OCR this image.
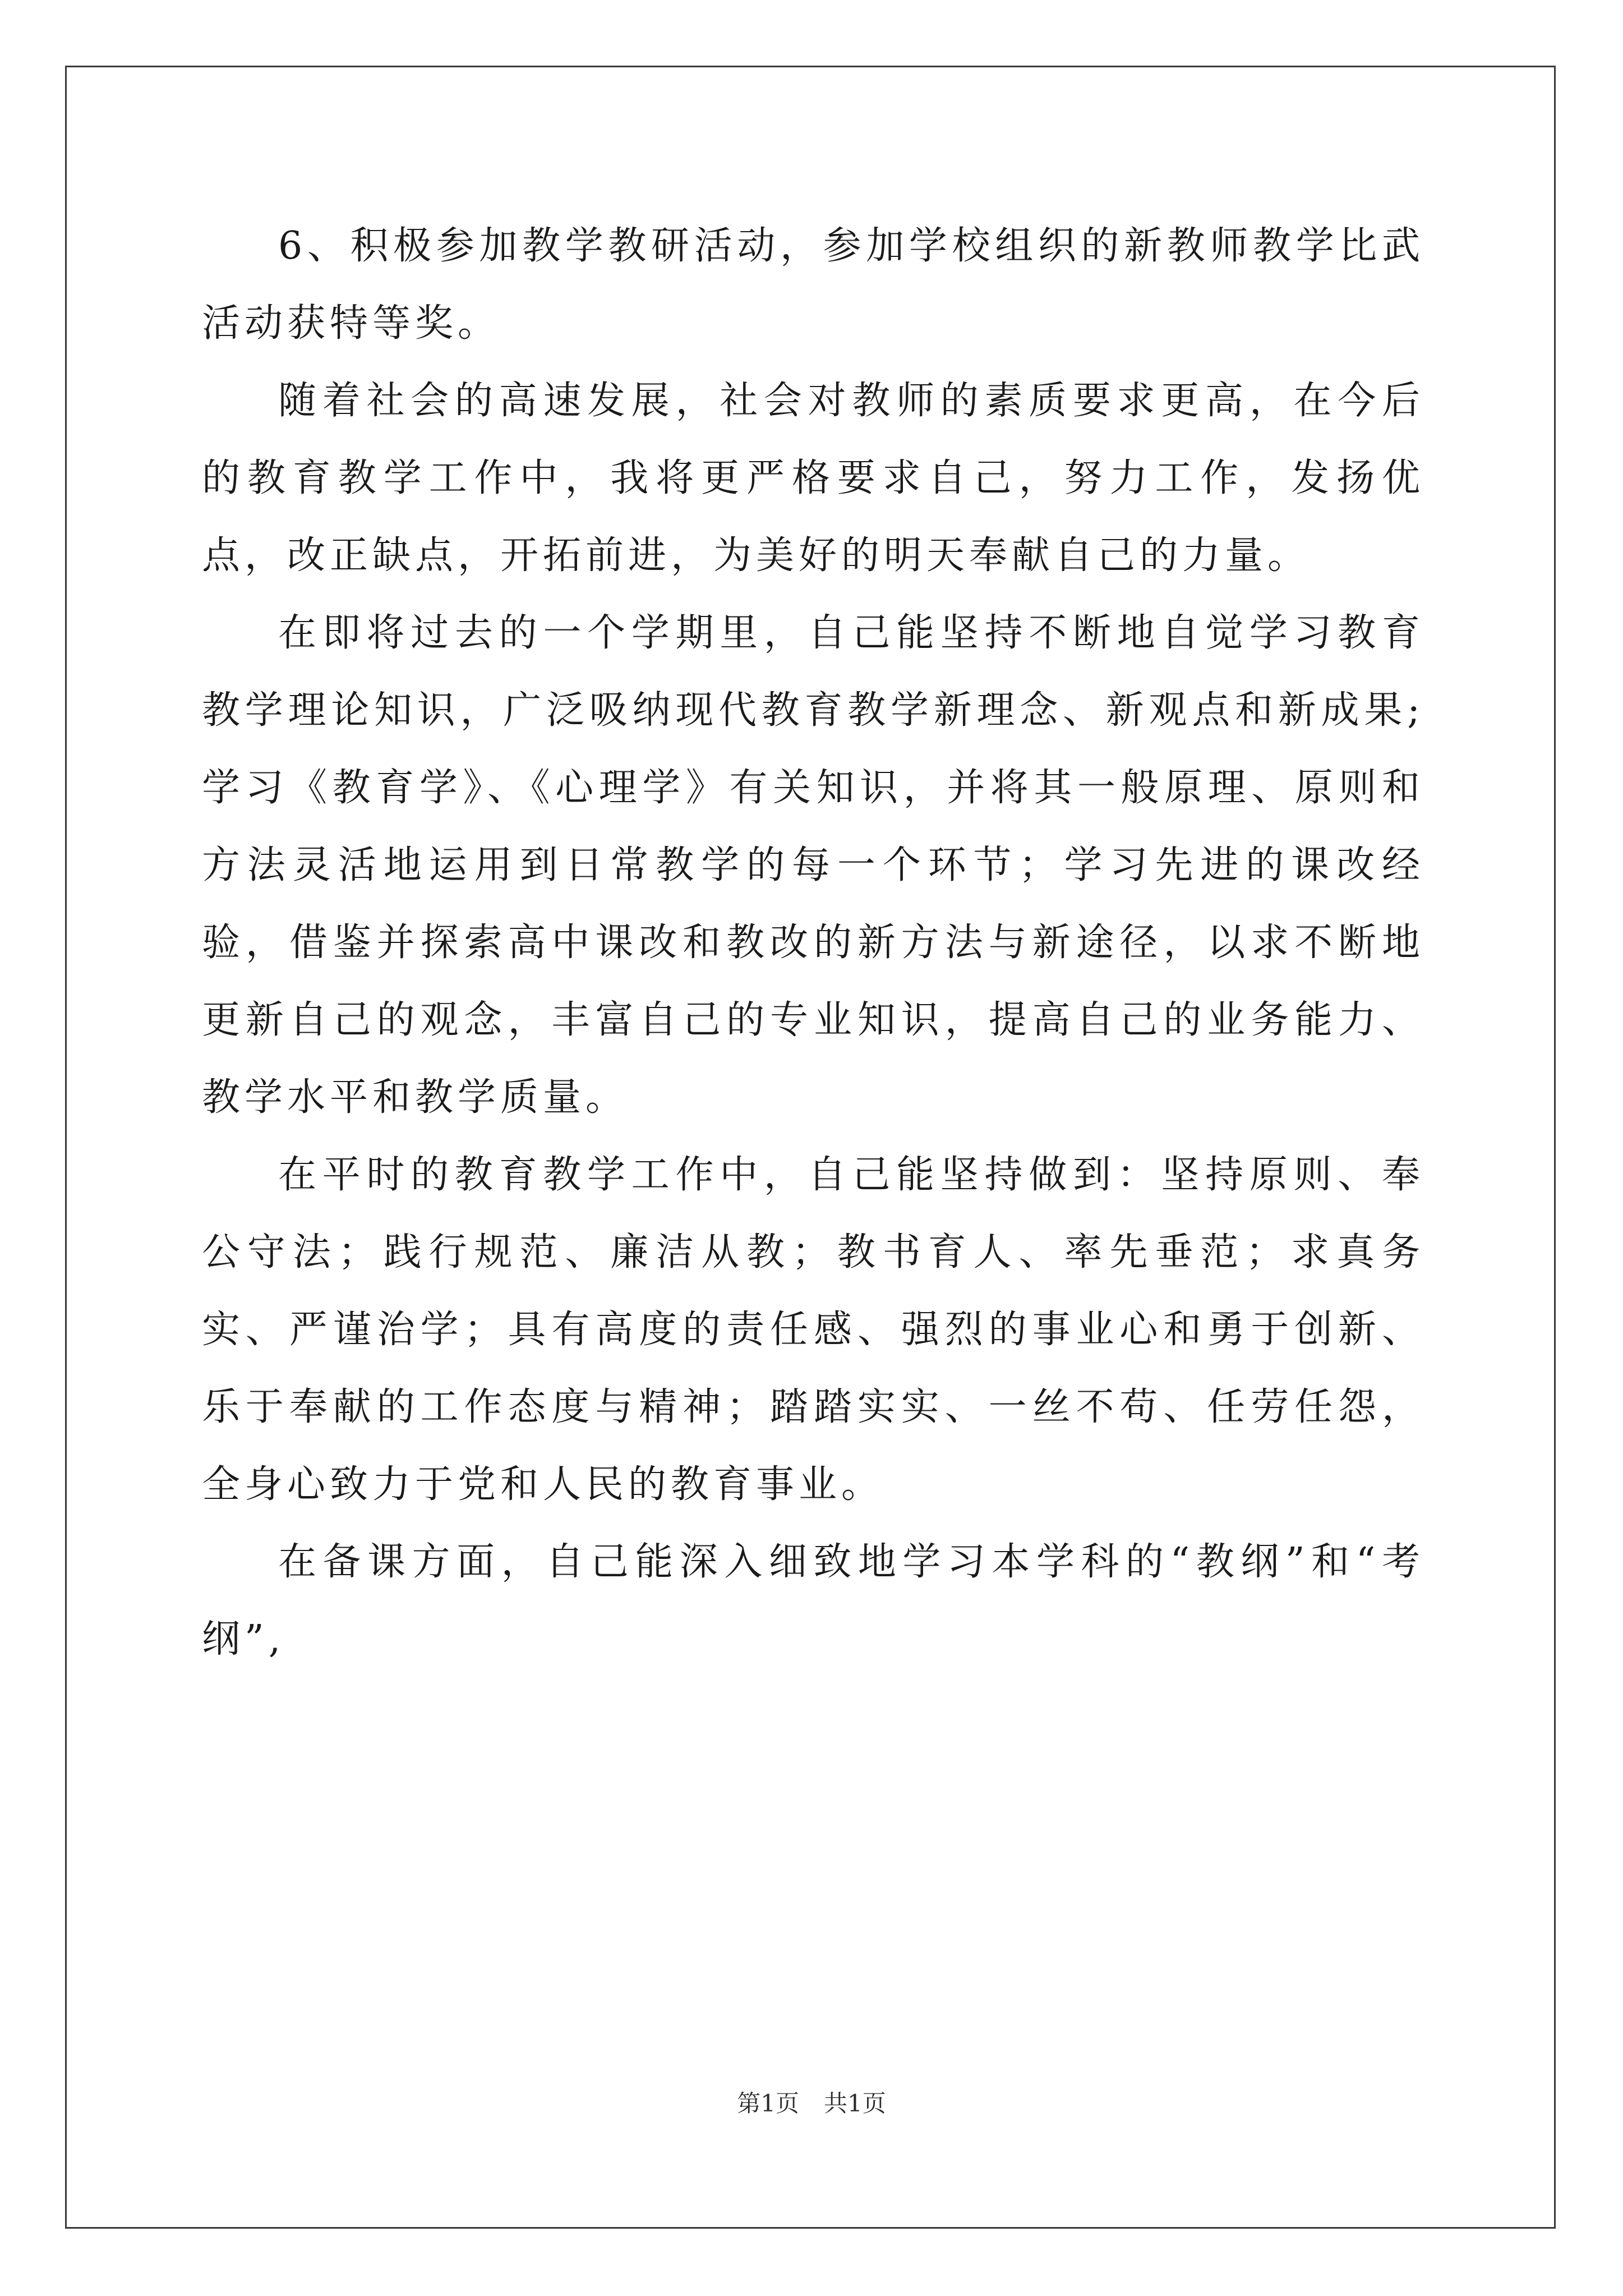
6、积极参加教学教研活动，参加学校组织的新教师教学比武活动获特等奖。

随着社会的高速发展，社会对教师的素质要求更高，在今后的教育教学工作中，我将更严格要求自己，努力工作，发扬优点，改正缺点，开拓前进，为美好的明天奉献自己的力量。

在即将过去的一个学期里，自己能坚持不断地自觉学习教育教学理论知识，广泛吸纳现代教育教学新理念、新观点和新成果;学习《教育学》、《心理学》有关知识，并将其一般原理、原则和方法灵活地运用到日常教学的每一个环节；学习先进的课改经验，借鉴并探索高中课改和教改的新方法与新途径，以求不断地更新自己的观念，丰富自己的专业知识，提高自己的业务能力、教学水平和教学质量。

在平时的教育教学工作中，自己能坚持做到：坚持原则、奉公守法；践行规范、廉洁从教；教书育人、率先垂范；求真务实、严谨治学；具有高度的责任感、强烈的事业心和勇于创新、乐于奉献的工作态度与精神；踏踏实实、一丝不苟、任劳任怨，全身心致力于党和人民的教育事业。

在备课方面，自己能深入细致地学习本学科的“教纲”和“考纲”,

第1页 共1页
